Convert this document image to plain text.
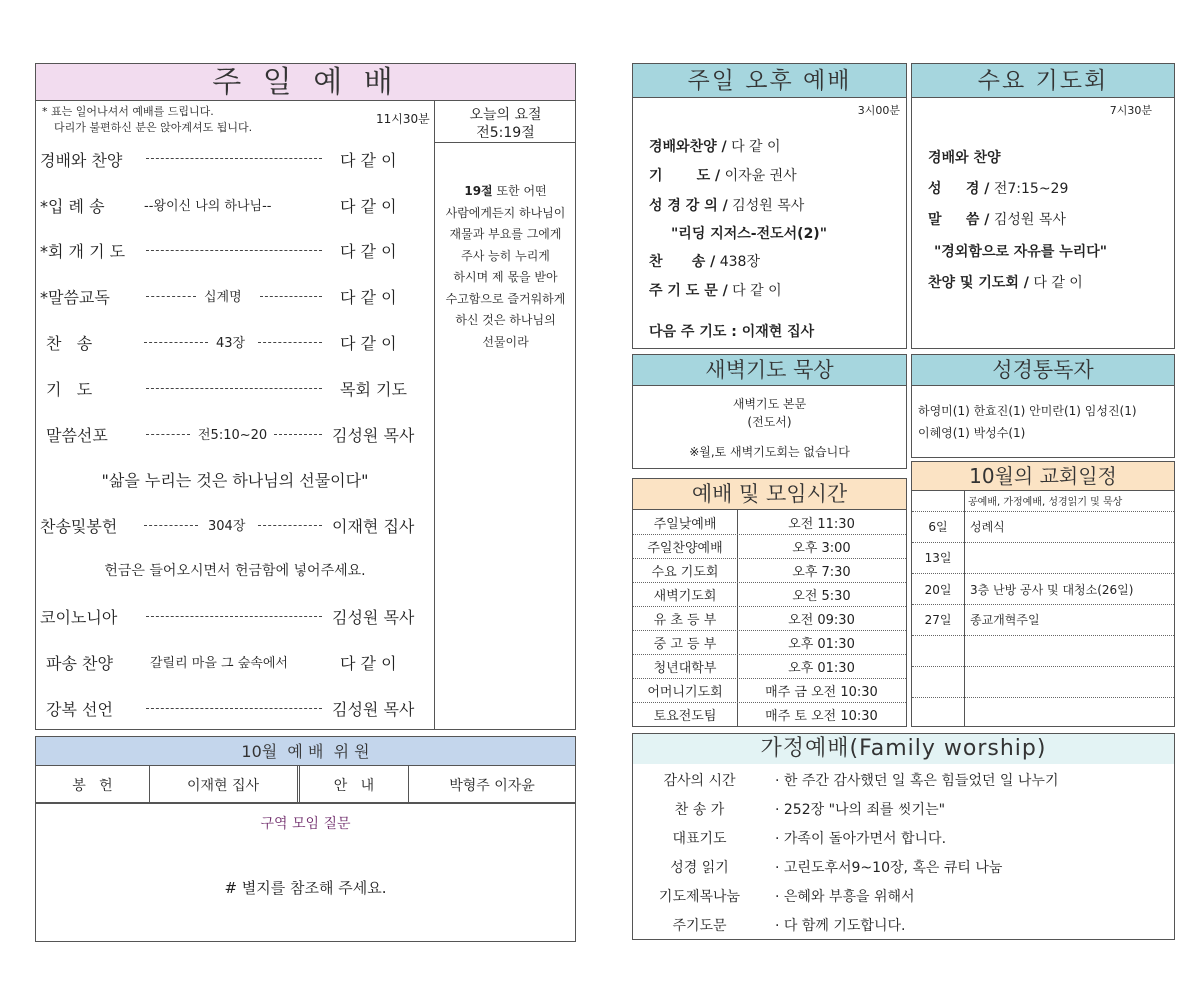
주 일 예 배
* 표는 일어나셔서 예배를 드립니다.
다리가 불편하신 분은 앉아계셔도 됩니다.
11시30분	오늘의 요절
전5:19절
19절 또한 어떤
사람에게든지 하나님이
재물과 부요를 그에게
주사 능히 누리게
하시며 제 몫을 받아
수고함으로 즐거워하게
하신 것은 하나님의
선물이라
경배와 찬양	다 같 이
*입 례 송	--왕이신 나의 하나님--	다 같 이
*회 개 기 도	다 같 이
*말씀교독	십계명	다 같 이
찬   송	43장	다 같 이
기   도	목회 기도
말씀선포	전5:10~20	김성원 목사
"삶을 누리는 것은 하나님의 선물이다"
찬송및봉헌	304장	이재현 집사
헌금은 들어오시면서 헌금함에 넣어주세요.
코이노니아	김성원 목사
파송 찬양	갈릴리 마을 그 숲속에서	다 같 이
강복 선언	김성원 목사
10월  예 배  위 원
봉   헌	이재현 집사	안   내	박형주 이자윤
구역 모임 질문
# 별지를 참조해 주세요.
주일 오후 예배
3시00분
경배와찬양 / 다 같 이
기       도 / 이자윤 권사
성 경 강 의 / 김성원 목사
"리딩 지저스-전도서(2)"
찬      송 / 438장
주 기 도 문 / 다 같 이
다음 주 기도 : 이재현 집사
수요 기도회
7시30분
경배와 찬양
성     경 / 전7:15~29
말     씀 / 김성원 목사
"경외함으로 자유를 누리다"
찬양 및 기도회 / 다 같 이
새벽기도 묵상
새벽기도 본문
(전도서)
※월,토 새벽기도회는 없습니다
성경통독자
하영미(1) 한효진(1) 안미란(1) 임성진(1)
이혜영(1) 박성수(1)
예배 및 모임시간
주일낮예배	오전 11:30
주일찬양예배	오후 3:00
수요 기도회	오후 7:30
새벽기도회	오전 5:30
유 초 등 부	오전 09:30
중 고 등 부	오후 01:30
청년대학부	오후 01:30
어머니기도회	매주 금 오전 10:30
토요전도팀	매주 토 오전 10:30
10월의 교회일정
공예배, 가정예배, 성경읽기 및 묵상
6일	성례식
13일
20일	3층 난방 공사 및 대청소(26일)
27일	종교개혁주일
가정예배(Family worship)
감사의 시간	· 한 주간 감사했던 일 혹은 힘들었던 일 나누기
찬 송 가	· 252장 "나의 죄를 씻기는"
대표기도	· 가족이 돌아가면서 합니다.
성경 읽기	· 고린도후서9~10장, 혹은 큐티 나눔
기도제목나눔	· 은혜와 부흥을 위해서
주기도문	· 다 함께 기도합니다.
